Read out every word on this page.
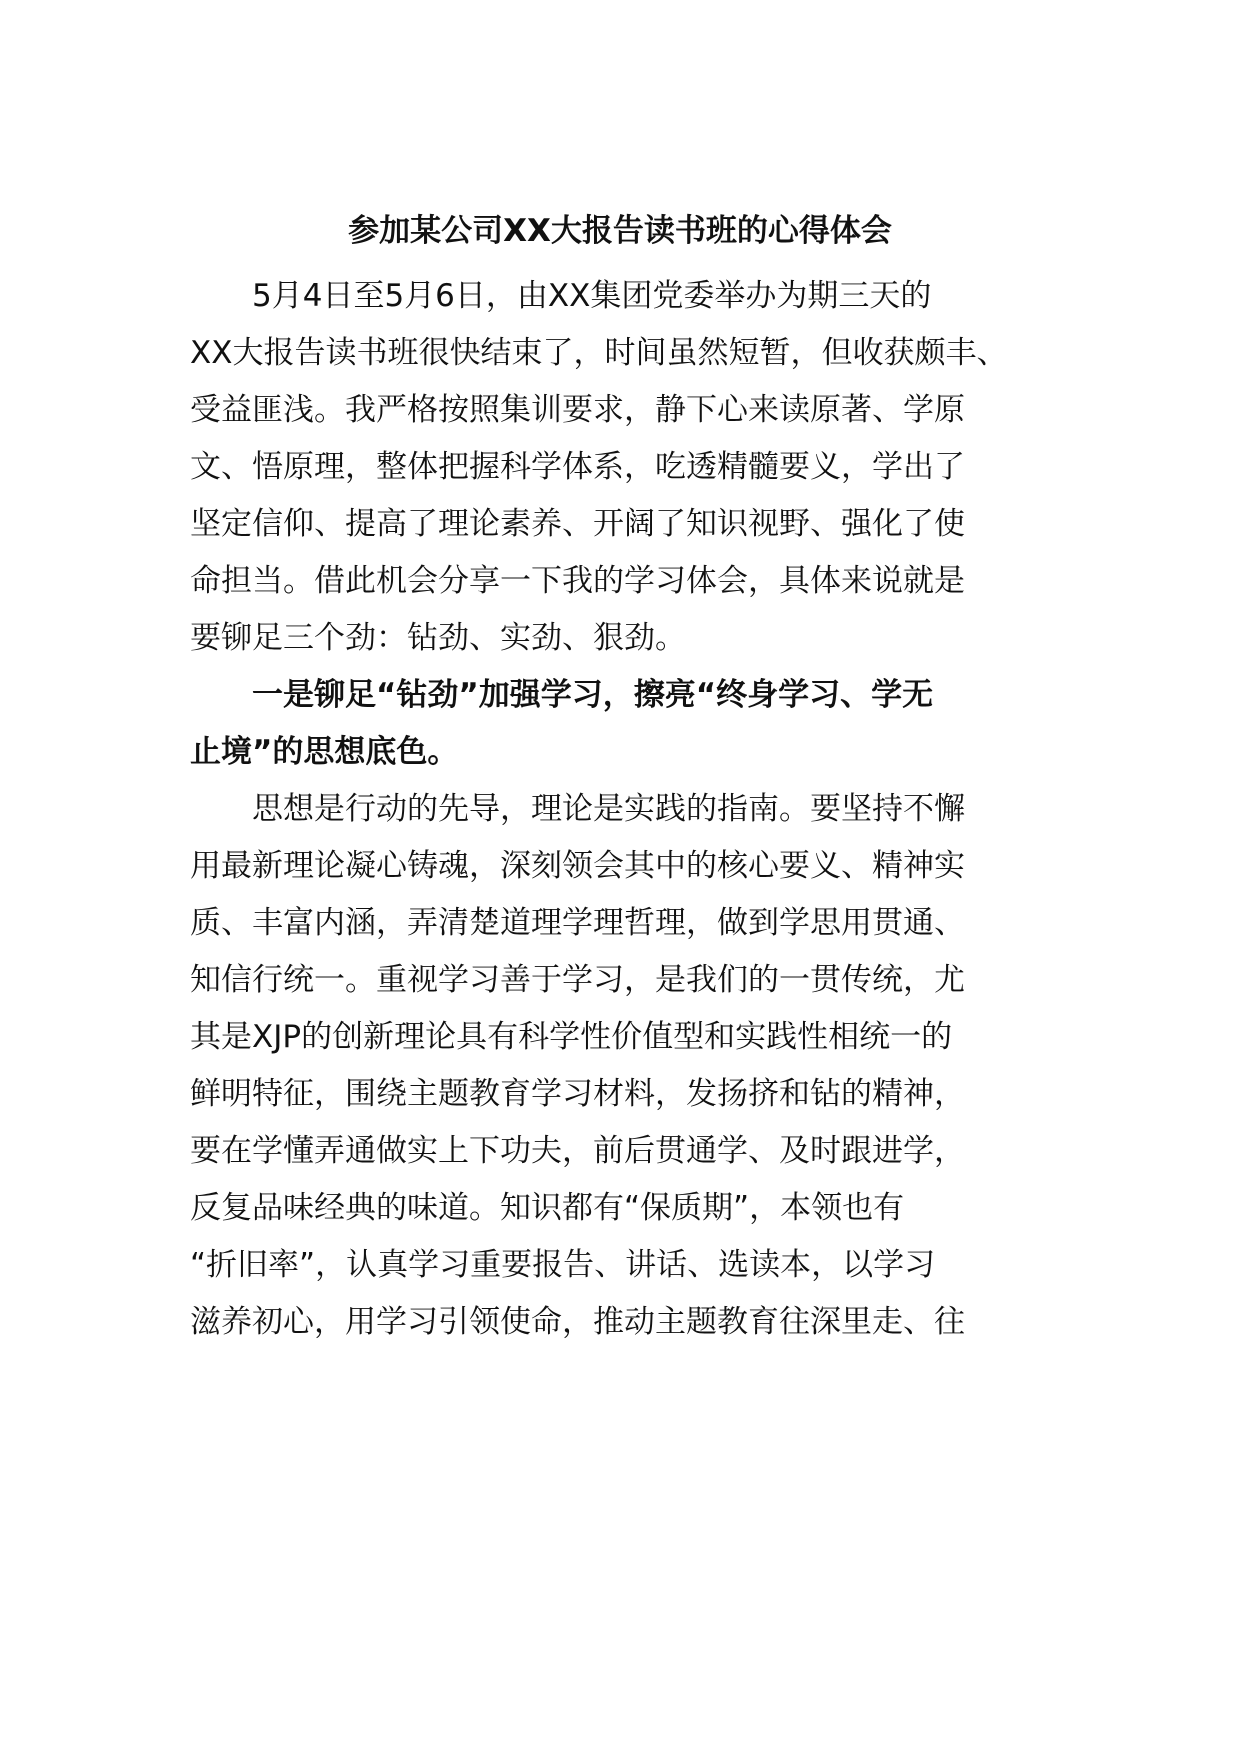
参加某公司XX大报告读书班的心得体会
　　5月4日至5月6日，由XX集团党委举办为期三天的
XX大报告读书班很快结束了，时间虽然短暂，但收获颇丰、
受益匪浅。我严格按照集训要求，静下心来读原著、学原
文、悟原理，整体把握科学体系，吃透精髓要义，学出了
坚定信仰、提高了理论素养、开阔了知识视野、强化了使
命担当。借此机会分享一下我的学习体会，具体来说就是
要铆足三个劲：钻劲、实劲、狠劲。
　　一是铆足“钻劲”加强学习，擦亮“终身学习、学无
止境”的思想底色。
　　思想是行动的先导，理论是实践的指南。要坚持不懈
用最新理论凝心铸魂，深刻领会其中的核心要义、精神实
质、丰富内涵，弄清楚道理学理哲理，做到学思用贯通、
知信行统一。重视学习善于学习，是我们的一贯传统，尤
其是XJP的创新理论具有科学性价值型和实践性相统一的
鲜明特征，围绕主题教育学习材料，发扬挤和钻的精神，
要在学懂弄通做实上下功夫，前后贯通学、及时跟进学，
反复品味经典的味道。知识都有“保质期”，本领也有
“折旧率”，认真学习重要报告、讲话、选读本，以学习
滋养初心，用学习引领使命，推动主题教育往深里走、往
